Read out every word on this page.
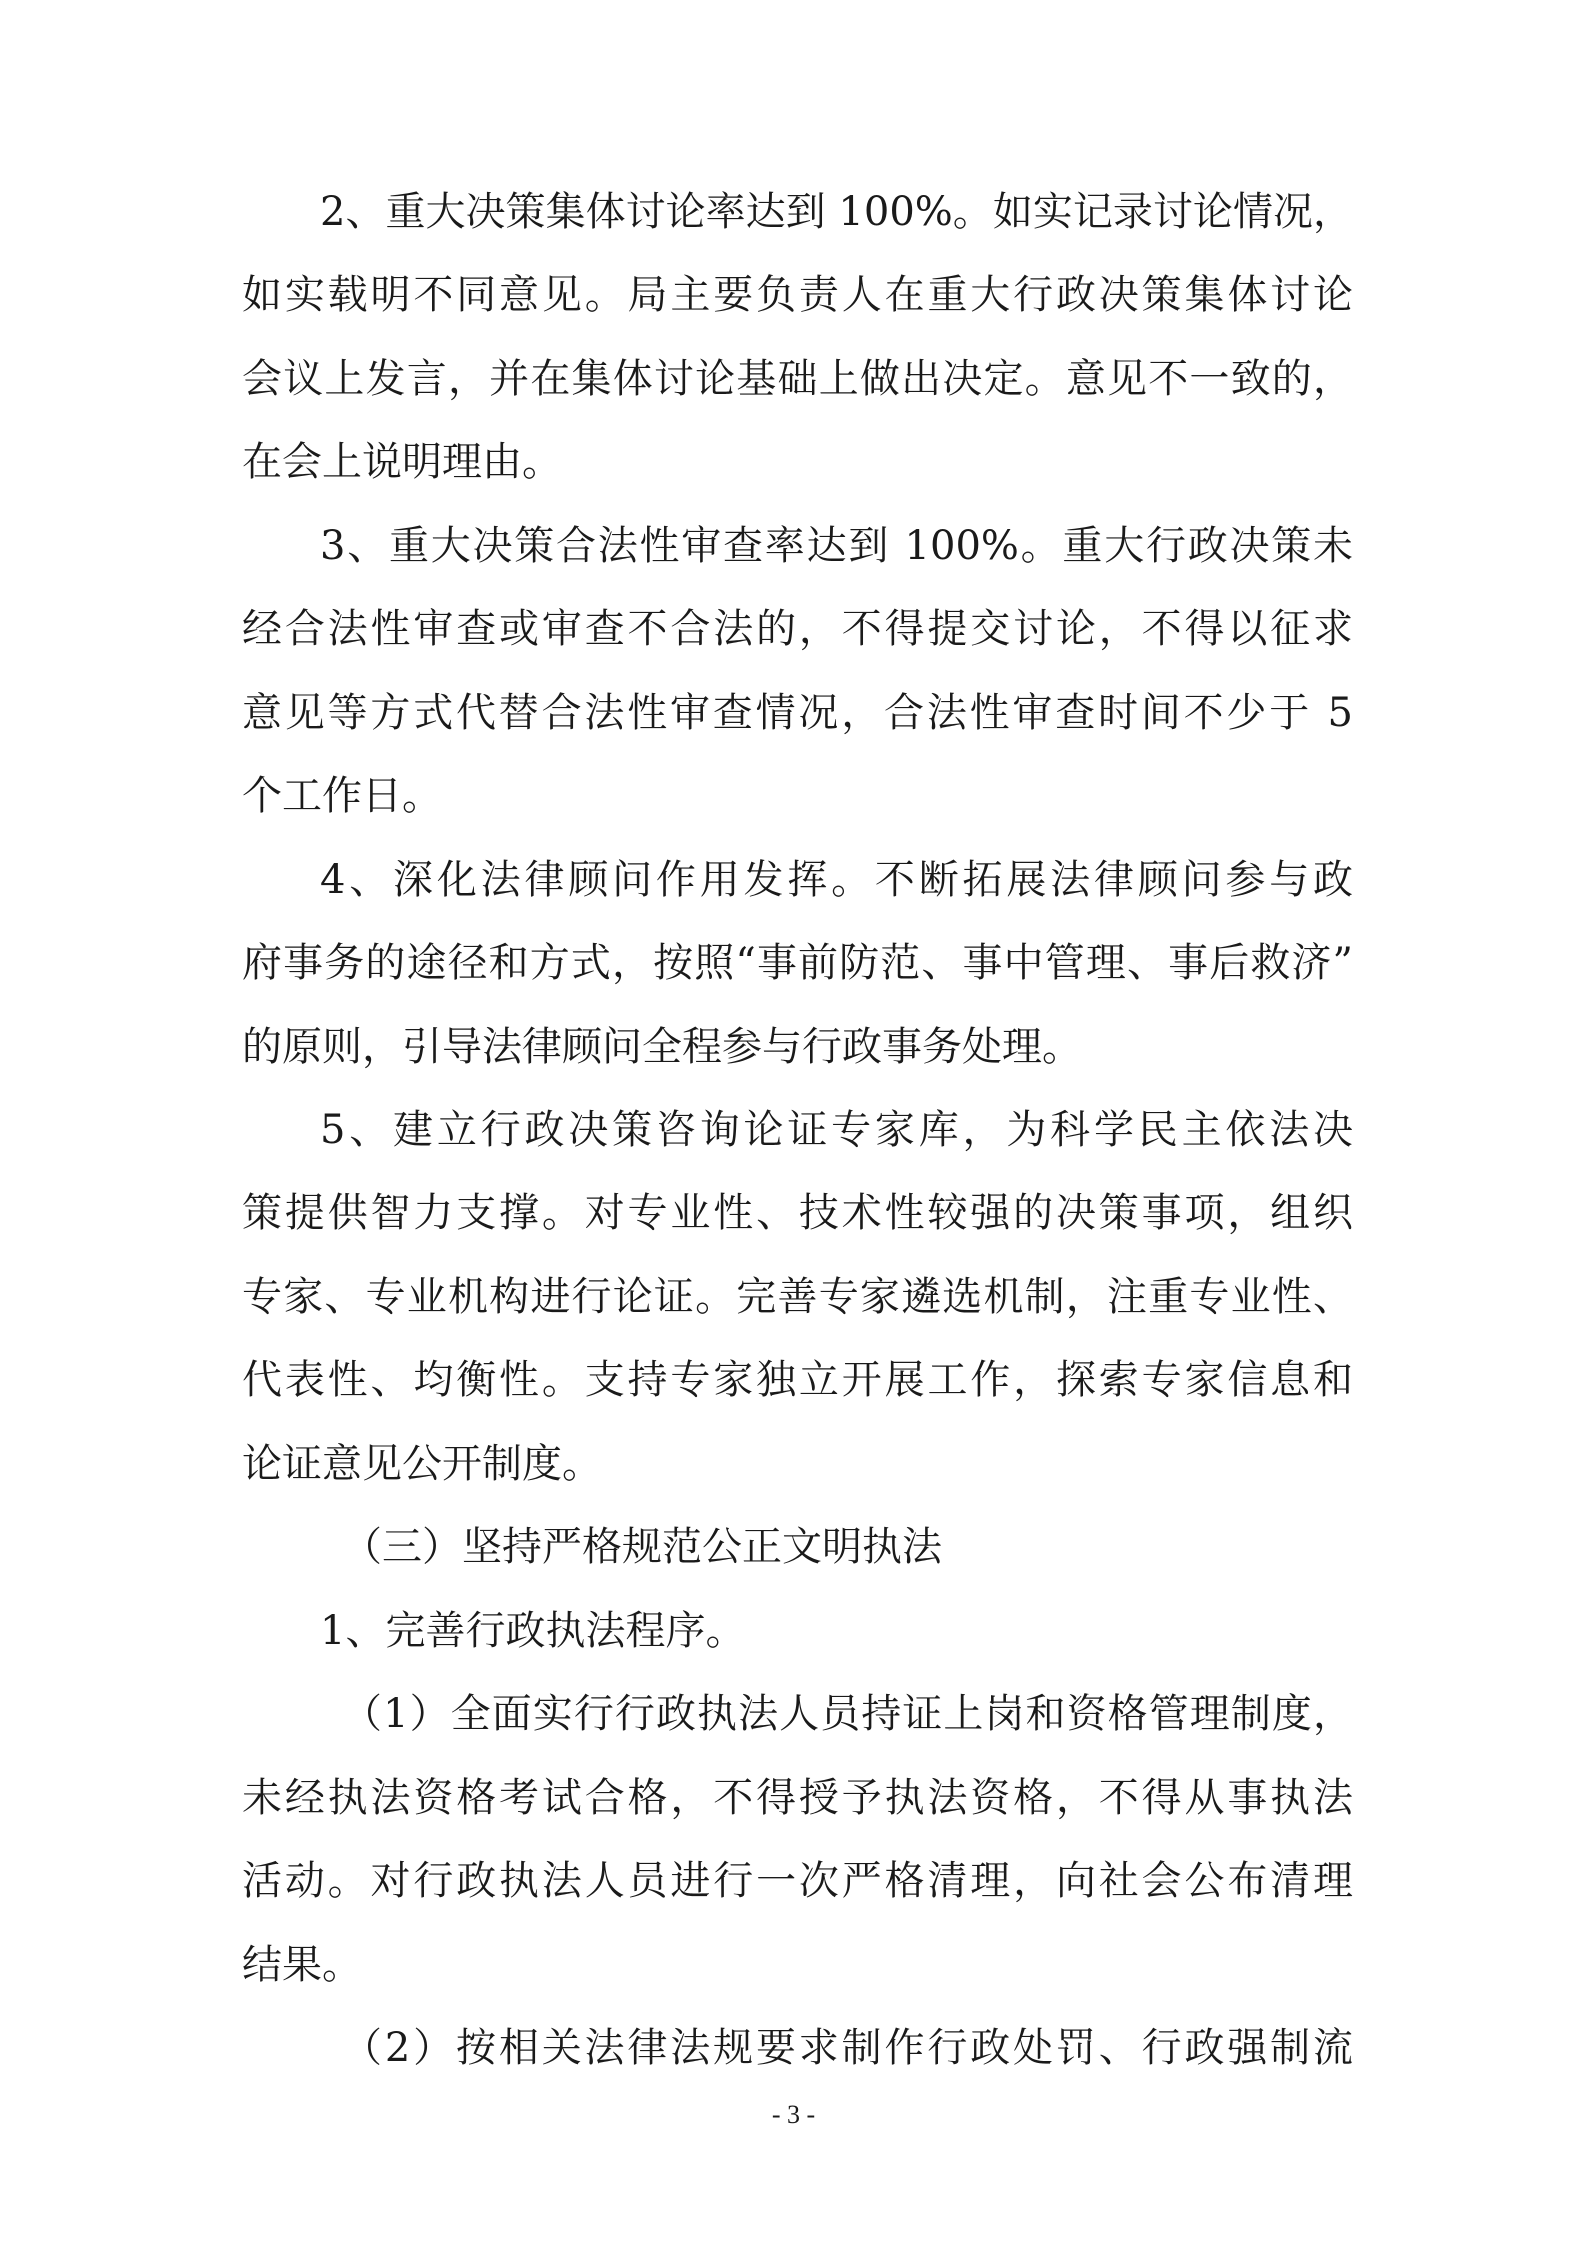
2、重大决策集体讨论率达到 100%。如实记录讨论情况，
如实载明不同意见。局主要负责人在重大行政决策集体讨论
会议上发言，并在集体讨论基础上做出决定。意见不一致的，
在会上说明理由。
3、重大决策合法性审查率达到 100%。重大行政决策未
经合法性审查或审查不合法的，不得提交讨论，不得以征求
意见等方式代替合法性审查情况，合法性审查时间不少于 5
个工作日。
4、深化法律顾问作用发挥。不断拓展法律顾问参与政
府事务的途径和方式，按照“事前防范、事中管理、事后救济”
的原则，引导法律顾问全程参与行政事务处理。
5、建立行政决策咨询论证专家库，为科学民主依法决
策提供智力支撑。对专业性、技术性较强的决策事项，组织
专家、专业机构进行论证。完善专家遴选机制，注重专业性、
代表性、均衡性。支持专家独立开展工作，探索专家信息和
论证意见公开制度。
（三）坚持严格规范公正文明执法
1、完善行政执法程序。
（1）全面实行行政执法人员持证上岗和资格管理制度，
未经执法资格考试合格，不得授予执法资格，不得从事执法
活动。对行政执法人员进行一次严格清理，向社会公布清理
结果。
（2）按相关法律法规要求制作行政处罚、行政强制流
- 3 -
